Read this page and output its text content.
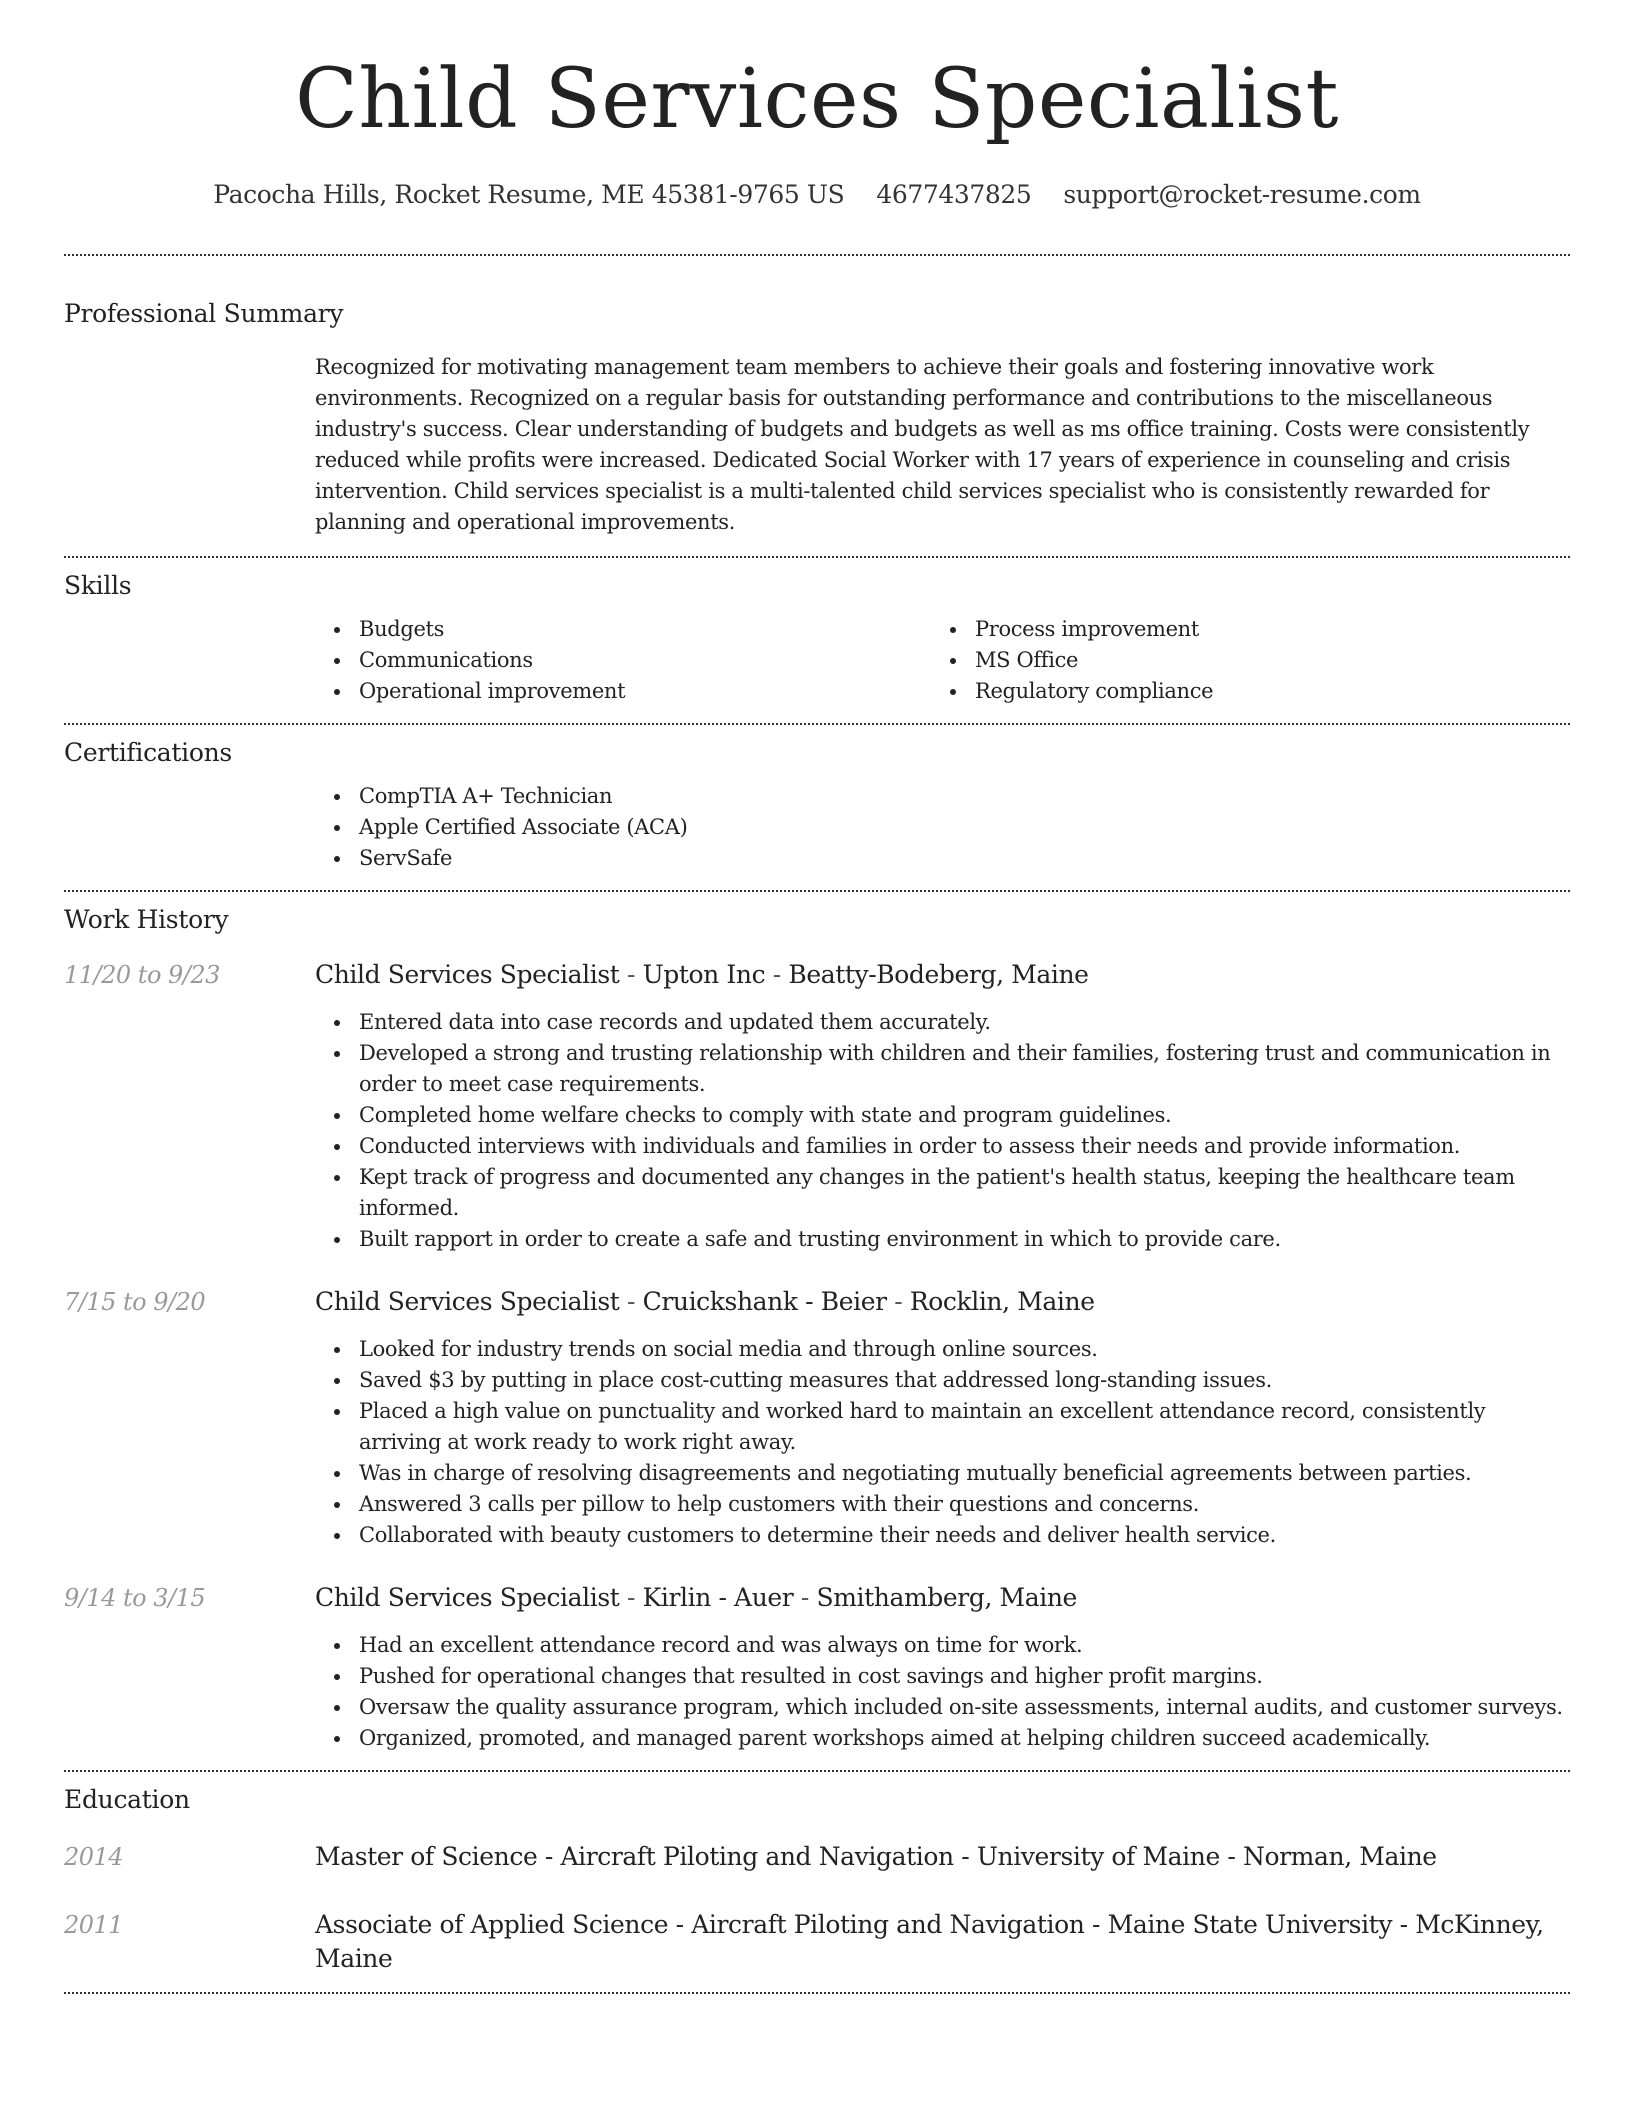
Child Services Specialist
Pacocha Hills, Rocket Resume, ME 45381-9765 US 4677437825 support@rocket-resume.com
Professional Summary

Recognized for motivating management team members to achieve their goals and fostering innovative work environments. Recognized on a regular basis for outstanding performance and contributions to the miscellaneous industry's success. Clear understanding of budgets and budgets as well as ms office training. Costs were consistently reduced while profits were increased. Dedicated Social Worker with 17 years of experience in counseling and crisis intervention. Child services specialist is a multi-talented child services specialist who is consistently rewarded for planning and operational improvements.

Skills
Budgets
Communications
Operational improvement
Process improvement
MS Office
Regulatory compliance
Certifications
CompTIA A+ Technician
Apple Certified Associate (ACA)
ServSafe
Work History
11/20 to 9/23	Child Services Specialist - Upton Inc - Beatty-Bodeberg, Maine
Entered data into case records and updated them accurately.
Developed a strong and trusting relationship with children and their families, fostering trust and communication in order to meet case requirements.
Completed home welfare checks to comply with state and program guidelines.
Conducted interviews with individuals and families in order to assess their needs and provide information.
Kept track of progress and documented any changes in the patient's health status, keeping the healthcare team informed.
Built rapport in order to create a safe and trusting environment in which to provide care.
7/15 to 9/20	Child Services Specialist - Cruickshank - Beier - Rocklin, Maine
Looked for industry trends on social media and through online sources.
Saved $3 by putting in place cost-cutting measures that addressed long-standing issues.
Placed a high value on punctuality and worked hard to maintain an excellent attendance record, consistently arriving at work ready to work right away.
Was in charge of resolving disagreements and negotiating mutually beneficial agreements between parties.
Answered 3 calls per pillow to help customers with their questions and concerns.
Collaborated with beauty customers to determine their needs and deliver health service.
9/14 to 3/15	Child Services Specialist - Kirlin - Auer - Smithamberg, Maine
Had an excellent attendance record and was always on time for work.
Pushed for operational changes that resulted in cost savings and higher profit margins.
Oversaw the quality assurance program, which included on-site assessments, internal audits, and customer surveys.
Organized, promoted, and managed parent workshops aimed at helping children succeed academically.
Education
2014	Master of Science - Aircraft Piloting and Navigation - University of Maine - Norman, Maine
2011	Associate of Applied Science - Aircraft Piloting and Navigation - Maine State University - McKinney, Maine
